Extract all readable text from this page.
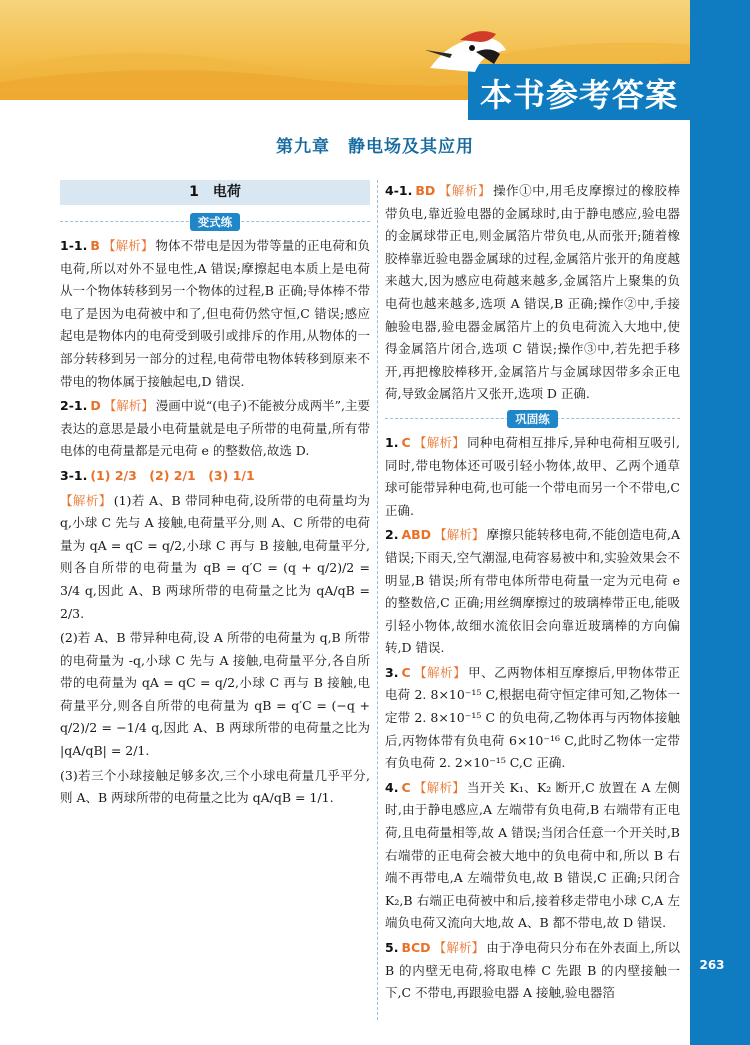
本书参考答案
第九章　静电场及其应用
1　电荷
变式练
1-1. B 【解析】 物体不带电是因为带等量的正电荷和负电荷,所以对外不显电性,A 错误;摩擦起电本质上是电荷从一个物体转移到另一个物体的过程,B 正确;导体棒不带电了是因为电荷被中和了,但电荷仍然守恒,C 错误;感应起电是物体内的电荷受到吸引或排斥的作用,从物体的一部分转移到另一部分的过程,电荷带电物体转移到原来不带电的物体属于接触起电,D 错误.
2-1. D 【解析】 漫画中说“(电子)不能被分成两半”,主要表达的意思是最小电荷量就是电子所带的电荷量,所有带电体的电荷量都是元电荷 e 的整数倍,故选 D.
3-1. (1) 2/3　(2) 2/1　(3) 1/1
【解析】 (1)若 A、B 带同种电荷,设所带的电荷量均为 q,小球 C 先与 A 接触,电荷量平分,则 A、C 所带的电荷量为 qA = qC = q/2,小球 C 再与 B 接触,电荷量平分,则各自所带的电荷量为 qB = q′C = (q + q/2)/2 = 3/4 q,因此 A、B 两球所带的电荷量之比为 qA/qB = 2/3.
(2)若 A、B 带异种电荷,设 A 所带的电荷量为 q,B 所带的电荷量为 -q,小球 C 先与 A 接触,电荷量平分,各自所带的电荷量为 qA = qC = q/2,小球 C 再与 B 接触,电荷量平分,则各自所带的电荷量为 qB = q′C = (−q + q/2)/2 = −1/4 q,因此 A、B 两球所带的电荷量之比为 |qA/qB| = 2/1.
(3)若三个小球接触足够多次,三个小球电荷量几乎平分,则 A、B 两球所带的电荷量之比为 qA/qB = 1/1.
4-1. BD 【解析】 操作①中,用毛皮摩擦过的橡胶棒带负电,靠近验电器的金属球时,由于静电感应,验电器的金属球带正电,则金属箔片带负电,从而张开;随着橡胶棒靠近验电器金属球的过程,金属箔片张开的角度越来越大,因为感应电荷越来越多,金属箔片上聚集的负电荷也越来越多,选项 A 错误,B 正确;操作②中,手接触验电器,验电器金属箔片上的负电荷流入大地中,使得金属箔片闭合,选项 C 错误;操作③中,若先把手移开,再把橡胶棒移开,金属箔片与金属球因带多余正电荷,导致金属箔片又张开,选项 D 正确.
巩固练
1. C 【解析】 同种电荷相互排斥,异种电荷相互吸引,同时,带电物体还可吸引轻小物体,故甲、乙两个通草球可能带异种电荷,也可能一个带电而另一个不带电,C 正确.
2. ABD 【解析】 摩擦只能转移电荷,不能创造电荷,A 错误;下雨天,空气潮湿,电荷容易被中和,实验效果会不明显,B 错误;所有带电体所带电荷量一定为元电荷 e 的整数倍,C 正确;用丝绸摩擦过的玻璃棒带正电,能吸引轻小物体,故细水流依旧会向靠近玻璃棒的方向偏转,D 错误.
3. C 【解析】 甲、乙两物体相互摩擦后,甲物体带正电荷 2. 8×10⁻¹⁵ C,根据电荷守恒定律可知,乙物体一定带 2. 8×10⁻¹⁵ C 的负电荷,乙物体再与丙物体接触后,丙物体带有负电荷 6×10⁻¹⁶ C,此时乙物体一定带有负电荷 2. 2×10⁻¹⁵ C,C 正确.
4. C 【解析】 当开关 K₁、K₂ 断开,C 放置在 A 左侧时,由于静电感应,A 左端带有负电荷,B 右端带有正电荷,且电荷量相等,故 A 错误;当闭合任意一个开关时,B 右端带的正电荷会被大地中的负电荷中和,所以 B 右端不再带电,A 左端带负电,故 B 错误,C 正确;只闭合 K₂,B 右端正电荷被中和后,接着移走带电小球 C,A 左端负电荷又流向大地,故 A、B 都不带电,故 D 错误.
5. BCD 【解析】 由于净电荷只分布在外表面上,所以 B 的内壁无电荷,将取电棒 C 先跟 B 的内壁接触一下,C 不带电,再跟验电器 A 接触,验电器箔
263
